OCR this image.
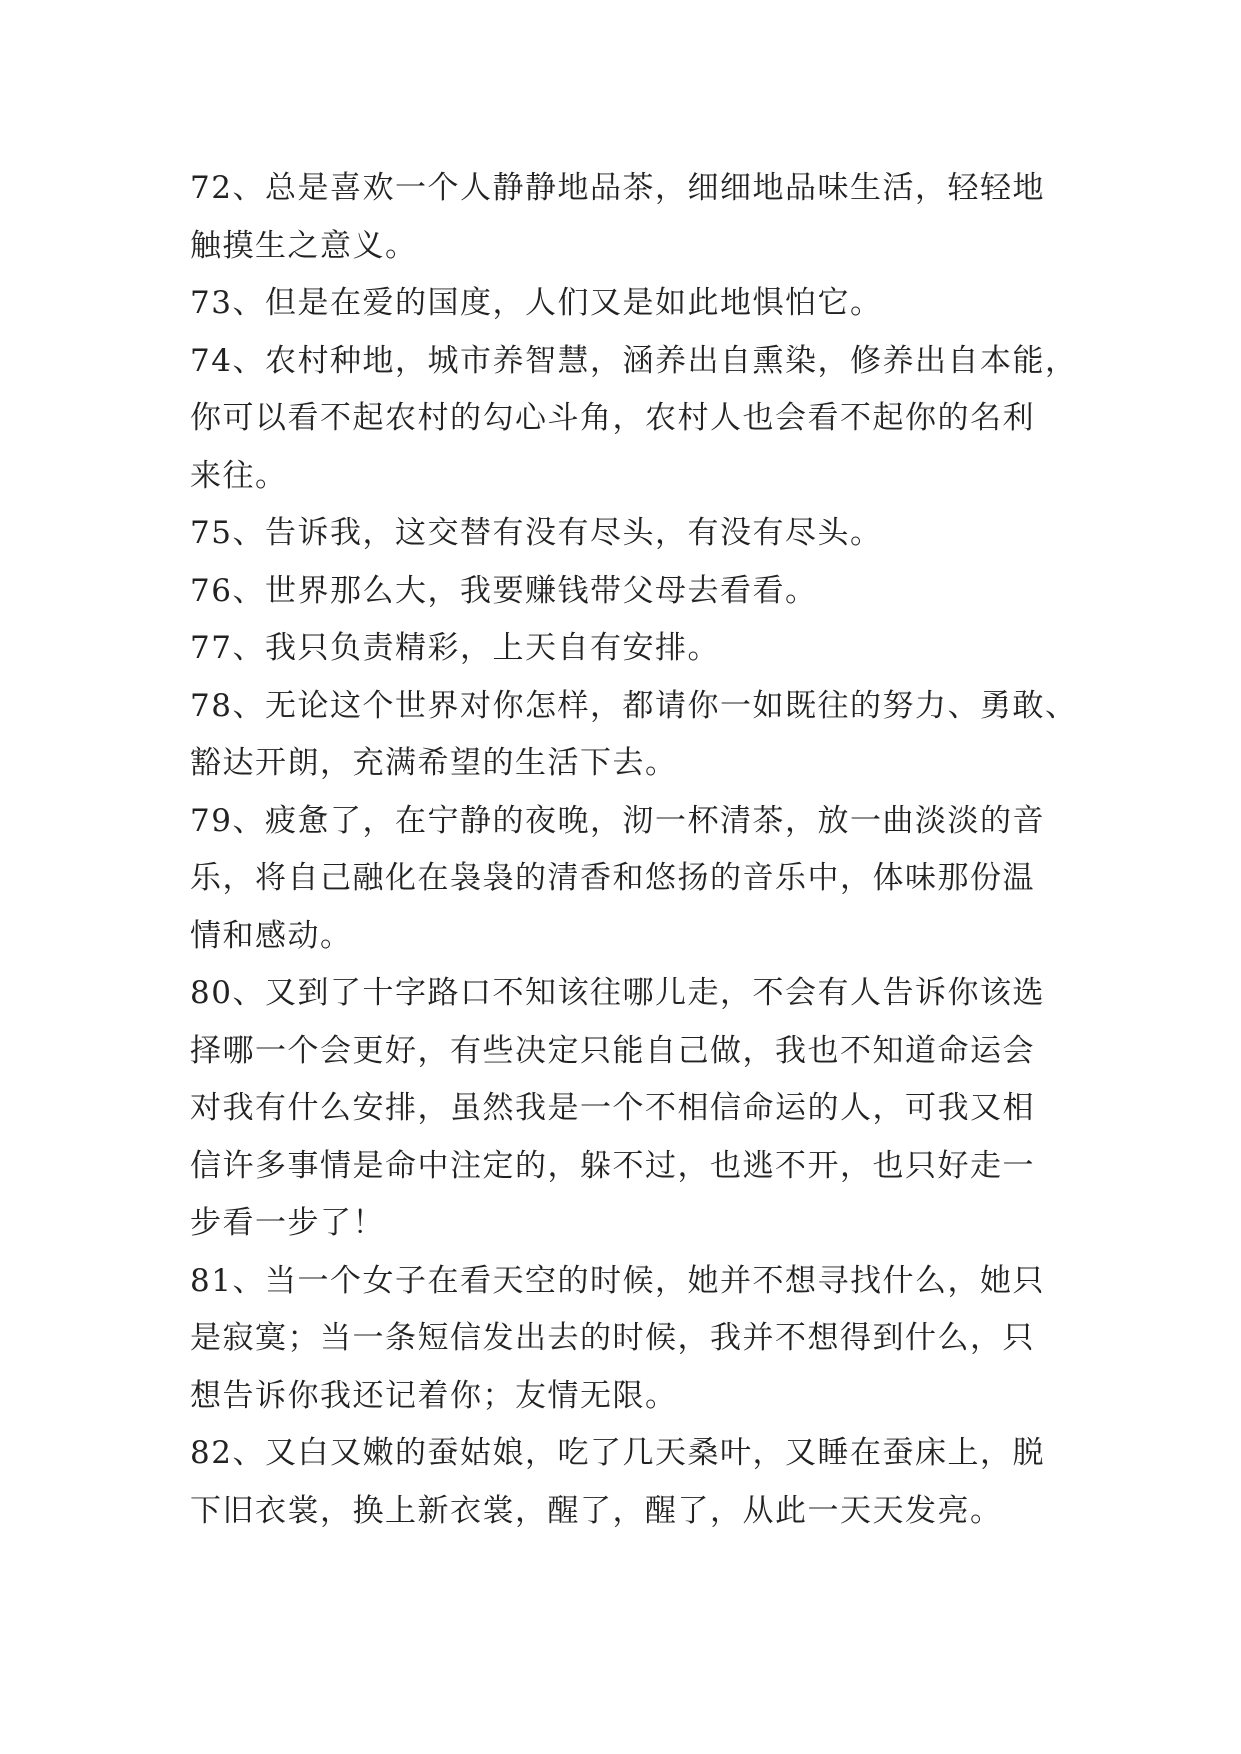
72、总是喜欢一个人静静地品茶，细细地品味生活，轻轻地
触摸生之意义。
73、但是在爱的国度，人们又是如此地惧怕它。
74、农村种地，城市养智慧，涵养出自熏染，修养出自本能，
你可以看不起农村的勾心斗角，农村人也会看不起你的名利
来往。
75、告诉我，这交替有没有尽头，有没有尽头。
76、世界那么大，我要赚钱带父母去看看。
77、我只负责精彩，上天自有安排。
78、无论这个世界对你怎样，都请你一如既往的努力、勇敢、
豁达开朗，充满希望的生活下去。
79、疲惫了，在宁静的夜晚，沏一杯清茶，放一曲淡淡的音
乐，将自己融化在袅袅的清香和悠扬的音乐中，体味那份温
情和感动。
80、又到了十字路口不知该往哪儿走，不会有人告诉你该选
择哪一个会更好，有些决定只能自己做，我也不知道命运会
对我有什么安排，虽然我是一个不相信命运的人，可我又相
信许多事情是命中注定的，躲不过，也逃不开，也只好走一
步看一步了！
81、当一个女子在看天空的时候，她并不想寻找什么，她只
是寂寞；当一条短信发出去的时候，我并不想得到什么，只
想告诉你我还记着你；友情无限。
82、又白又嫩的蚕姑娘，吃了几天桑叶，又睡在蚕床上，脱
下旧衣裳，换上新衣裳，醒了，醒了，从此一天天发亮。
